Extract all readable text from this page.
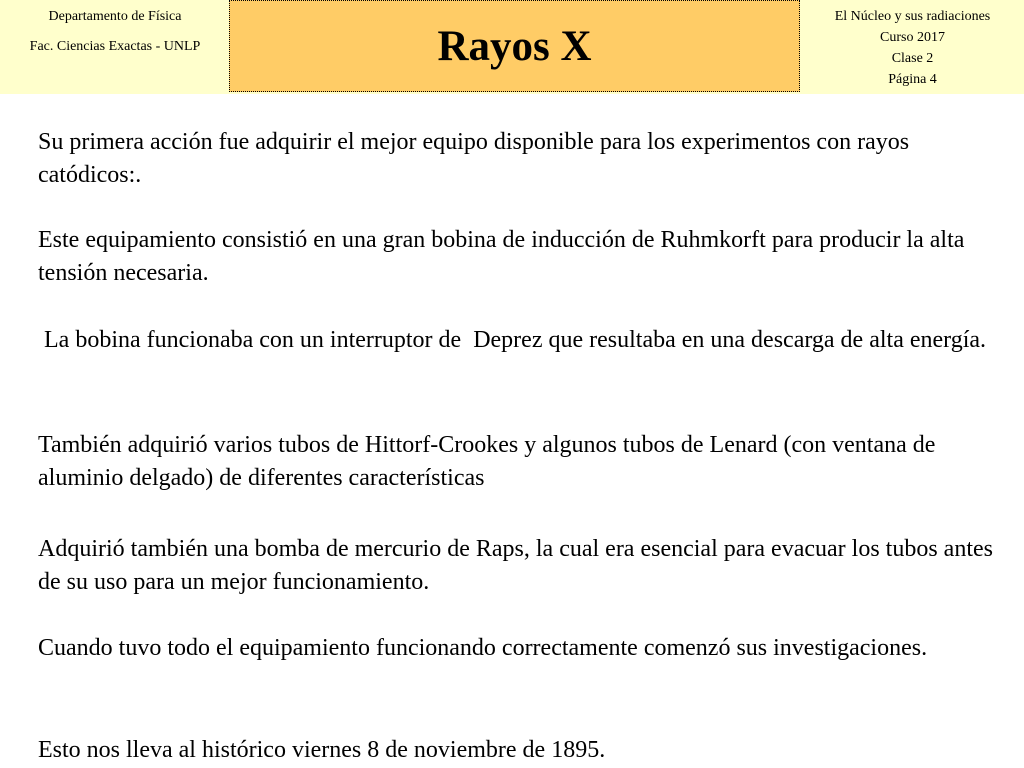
Departamento de Física
Fac. Ciencias Exactas - UNLP	Rayos X
El Núcleo y sus radiaciones
Curso 2017
Clase 2
Página 4

Su primera acción fue adquirir el mejor equipo disponible para los experimentos con rayos catódicos:.

Este equipamiento consistió en una gran bobina de inducción de Ruhmkorft para producir la alta tensión necesaria.

La bobina funcionaba con un interruptor de  Deprez que resultaba en una descarga de alta energía.

También adquirió varios tubos de Hittorf-Crookes y algunos tubos de Lenard (con ventana de aluminio delgado) de diferentes características

Adquirió también una bomba de mercurio de Raps, la cual era esencial para evacuar los tubos antes de su uso para un mejor funcionamiento.

Cuando tuvo todo el equipamiento funcionando correctamente comenzó sus investigaciones.

Esto nos lleva al histórico viernes 8 de noviembre de 1895.
